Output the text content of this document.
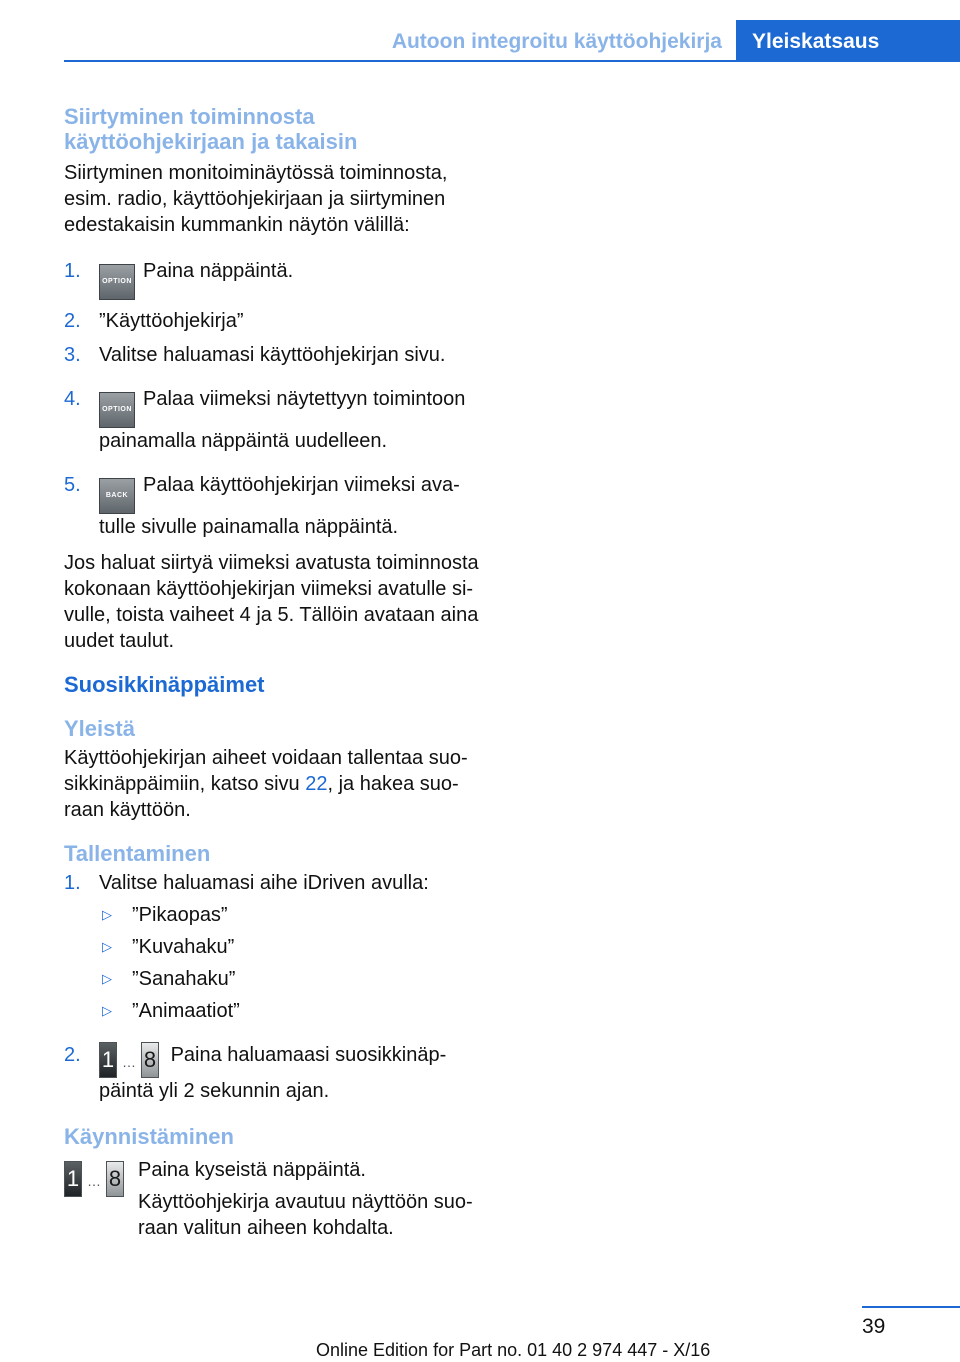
Autoon integroitu käyttöohjekirja	Yleiskatsaus
Siirtyminen toiminnosta
käyttöohjekirjaan ja takaisin

Siirtyminen monitoiminäytössä toiminnosta, esim. radio, käyttöohjekirjaan ja siirtyminen edestakaisin kummankin näytön välillä:

1.	OPTION Paina näppäintä.
2. ”Käyttöohjekirja”
3. Valitse haluamasi käyttöohjekirjan sivu.
4.	OPTION Palaa viimeksi näytettyyn toimintoon painamalla näppäintä uudelleen.
5.	BACK Palaa käyttöohjekirjan viimeksi avatulle sivulle painamalla näppäintä.

Jos haluat siirtyä viimeksi avatusta toiminnosta kokonaan käyttöohjekirjan viimeksi avatulle sivulle, toista vaiheet 4 ja 5. Tällöin avataan aina uudet taulut.

Suosikkinäppäimet
Yleistä

Käyttöohjekirjan aiheet voidaan tallentaa suosikkinäppäimiin, katso sivu 22, ja hakea suoraan käyttöön.

Tallentaminen
1. Valitse haluamasi aihe iDriven avulla:
▷ ”Pikaopas”
▷ ”Kuvahaku”
▷ ”Sanahaku”
▷ ”Animaatiot”
2. 1 … 8 Paina haluamaasi suosikkinäppäintä yli 2 sekunnin ajan.
Käynnistäminen
1 … 8 Paina kyseistä näppäintä.

Käyttöohjekirja avautuu näyttöön suoraan valitun aiheen kohdalta.

39
Online Edition for Part no. 01 40 2 974 447 - X/16
